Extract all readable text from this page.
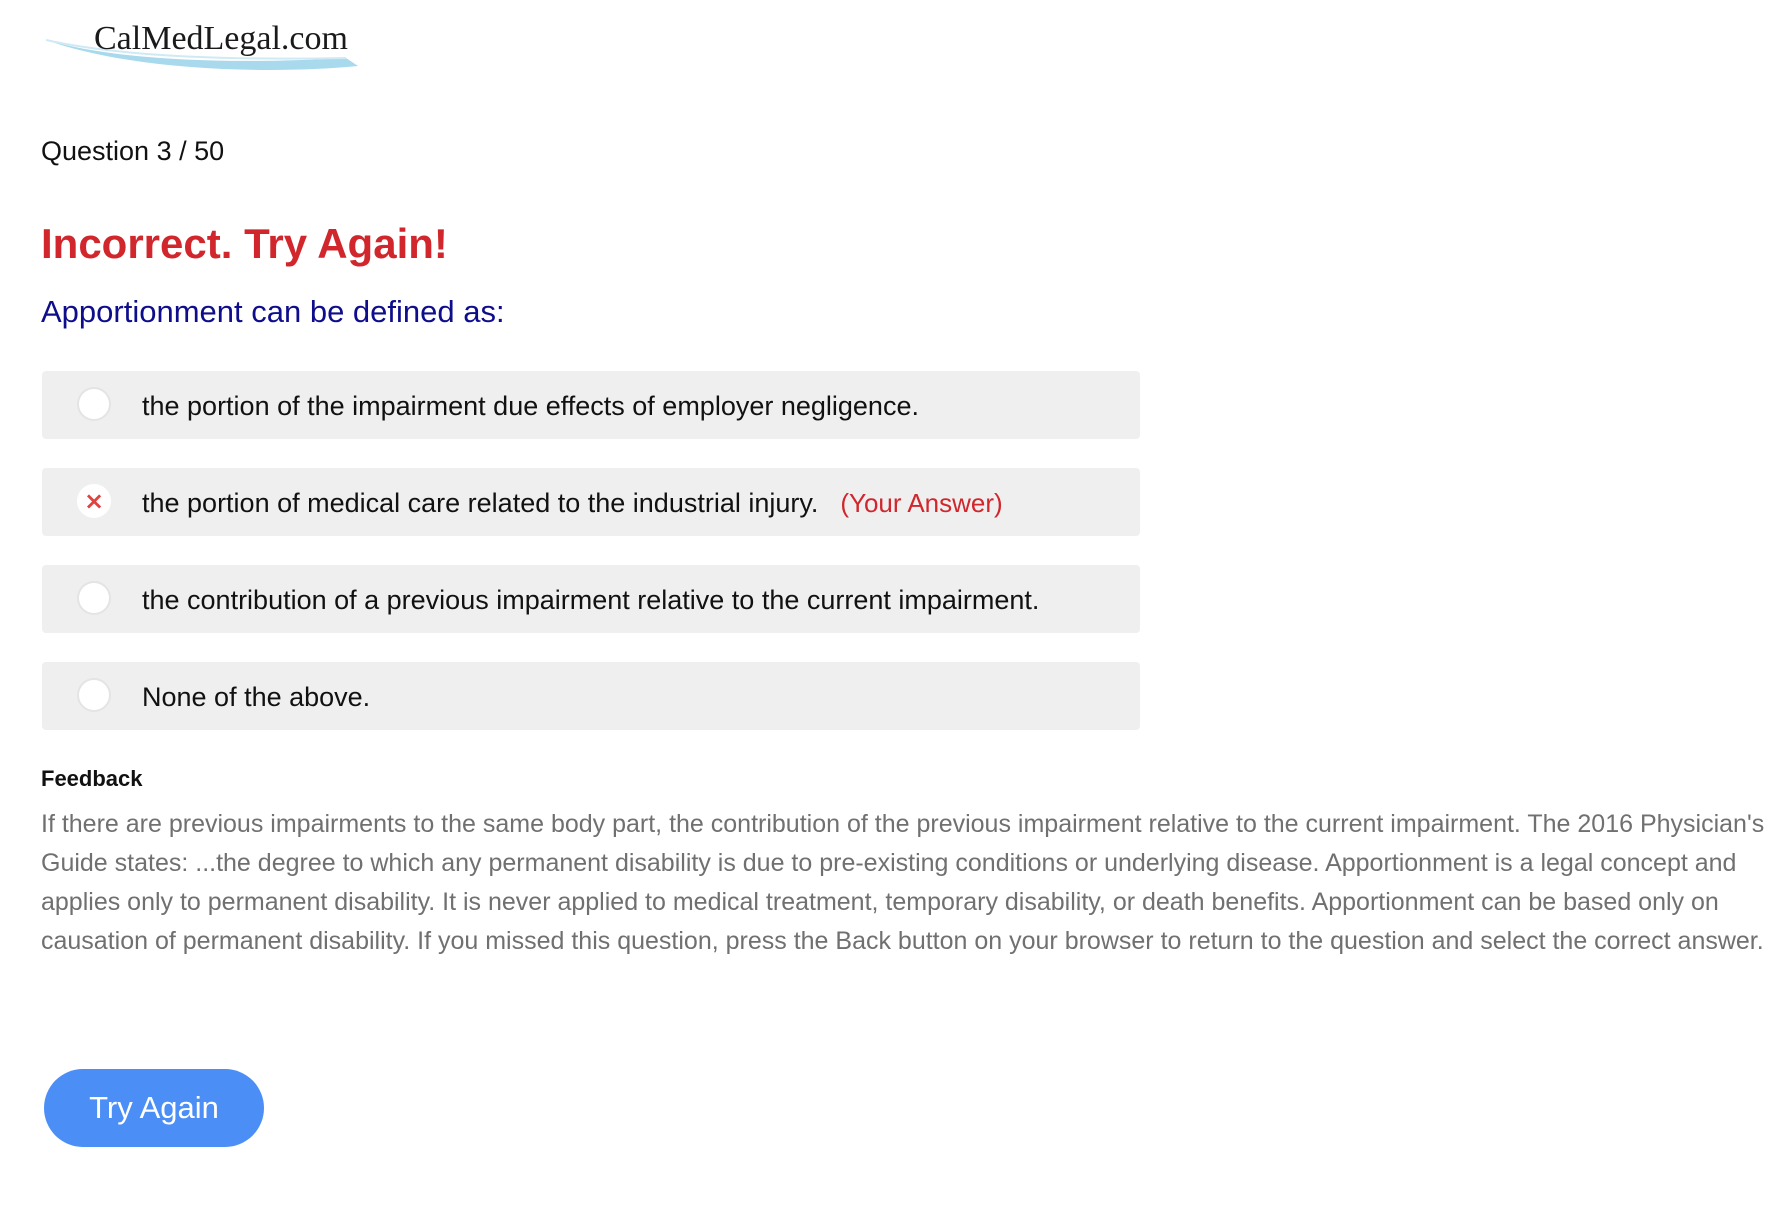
CalMedLegal.com
Question 3 / 50
Incorrect. Try Again!
Apportionment can be defined as:
the portion of the impairment due effects of employer negligence.
× the portion of medical care related to the industrial injury. (Your Answer)
the contribution of a previous impairment relative to the current impairment.
None of the above.
Feedback
If there are previous impairments to the same body part, the contribution of the previous impairment relative to the current impairment. The 2016 Physician's Guide states: ...the degree to which any permanent disability is due to pre-existing conditions or underlying disease. Apportionment is a legal concept and applies only to permanent disability. It is never applied to medical treatment, temporary disability, or death benefits. Apportionment can be based only on causation of permanent disability. If you missed this question, press the Back button on your browser to return to the question and select the correct answer.
Try Again
